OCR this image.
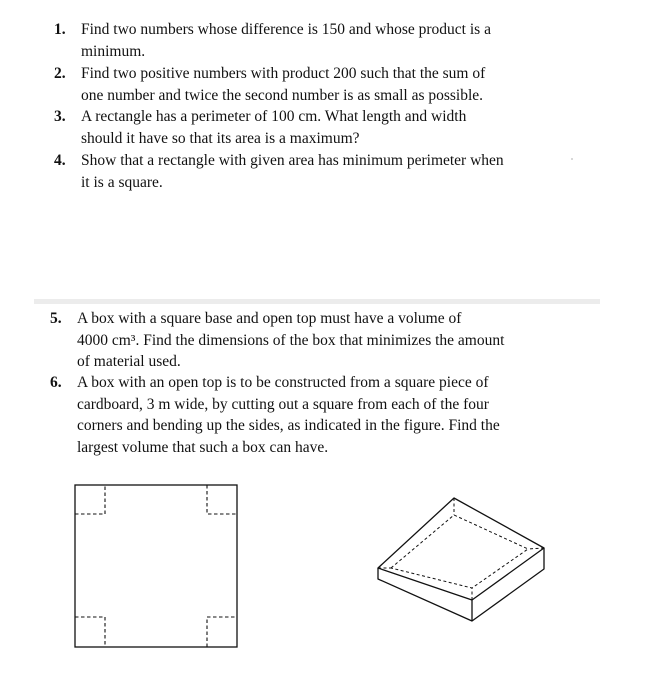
1. Find two numbers whose difference is 150 and whose product is a
minimum.
2. Find two positive numbers with product 200 such that the sum of
one number and twice the second number is as small as possible.
3. A rectangle has a perimeter of 100 cm. What length and width
should it have so that its area is a maximum?
4. Show that a rectangle with given area has minimum perimeter when
it is a square.
5. A box with a square base and open top must have a volume of
4000 cm³. Find the dimensions of the box that minimizes the amount
of material used.
6. A box with an open top is to be constructed from a square piece of
cardboard, 3 m wide, by cutting out a square from each of the four
corners and bending up the sides, as indicated in the figure. Find the
largest volume that such a box can have.
